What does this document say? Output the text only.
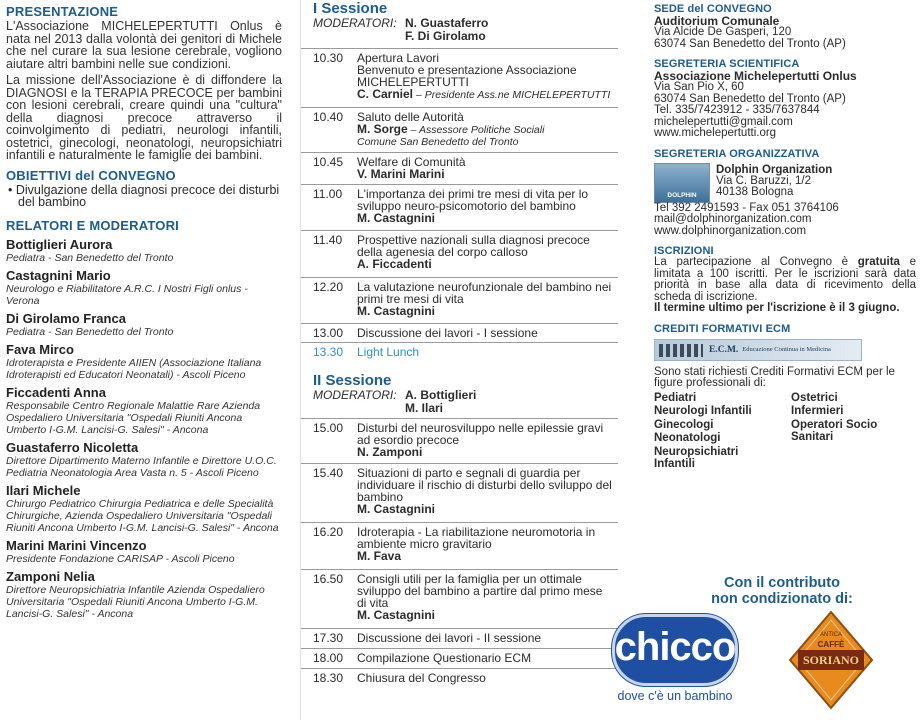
PRESENTAZIONE

L'Associazione MICHELEPERTUTTI Onlus è nata nel 2013 dalla volontà dei genitori di Michele che nel curare la sua lesione cerebrale, vogliono aiutare altri bambini nelle sue condizioni.

La missione dell'Associazione è di diffondere la DIAGNOSI e la TERAPIA PRECOCE per bambini con lesioni cerebrali, creare quindi una "cultura" della diagnosi precoce attraverso il coinvolgimento di pediatri, neurologi infantili, ostetrici, ginecologi, neonatologi, neuropsichiatri infantili e naturalmente le famiglie dei bambini.

OBIETTIVI del CONVEGNO
• Divulgazione della diagnosi precoce dei disturbi del bambino
RELATORI E MODERATORI
Bottiglieri Aurora
Pediatra - San Benedetto del Tronto
Castagnini Mario
Neurologo e Riabilitatore A.R.C. I Nostri Figli onlus - Verona
Di Girolamo Franca
Pediatra - San Benedetto del Tronto
Fava Mirco
Idroterapista e Presidente AIIEN (Associazione Italiana Idroterapisti ed Educatori Neonatali) - Ascoli Piceno
Ficcadenti Anna
Responsabile Centro Regionale Malattie Rare Azienda Ospedaliero Universitaria "Ospedali Riuniti Ancona Umberto I-G.M. Lancisi-G. Salesi" - Ancona
Guastaferro Nicoletta
Direttore Dipartimento Materno Infantile e Direttore U.O.C. Pediatria Neonatologia Area Vasta n. 5 - Ascoli Piceno
Ilari Michele
Chirurgo Pediatrico Chirurgia Pediatrica e delle Specialità Chirurgiche, Azienda Ospedaliero Universitaria "Ospedali Riuniti Ancona Umberto I-G.M. Lancisi-G. Salesi" - Ancona
Marini Marini Vincenzo
Presidente Fondazione CARISAP - Ascoli Piceno
Zamponi Nelia
Direttore Neuropsichiatria Infantile Azienda Ospedaliero Universitaria "Ospedali Riuniti Ancona Umberto I-G.M. Lancisi-G. Salesi" - Ancona
I Sessione
MODERATORI: N. Guastaferro
F. Di Girolamo
10.30	Apertura Lavori
Benvenuto e presentazione Associazione MICHELEPERTUTTI
C. Carniel – Presidente Ass.ne MICHELEPERTUTTI
10.40	Saluto delle Autorità
M. Sorge – Assessore Politiche Sociali
Comune San Benedetto del Tronto
10.45	Welfare di Comunità
V. Marini Marini
11.00	L'importanza dei primi tre mesi di vita per lo sviluppo neuro-psicomotorio del bambino
M. Castagnini
11.40	Prospettive nazionali sulla diagnosi precoce della agenesia del corpo calloso
A. Ficcadenti
12.20	La valutazione neurofunzionale del bambino nei primi tre mesi di vita
M. Castagnini
13.00	Discussione dei lavori - I sessione
13.30	Light Lunch
II Sessione
MODERATORI: A. Bottiglieri
M. Ilari
15.00	Disturbi del neurosviluppo nelle epilessie gravi ad esordio precoce
N. Zamponi
15.40	Situazioni di parto e segnali di guardia per individuare il rischio di disturbi dello sviluppo del bambino
M. Castagnini
16.20	Idroterapia - La riabilitazione neuromotoria in ambiente micro gravitario
M. Fava
16.50	Consigli utili per la famiglia per un ottimale sviluppo del bambino a partire dal primo mese di vita
M. Castagnini
17.30	Discussione dei lavori - II sessione
18.00	Compilazione Questionario ECM
18.30	Chiusura del Congresso
SEDE del CONVEGNO
Auditorium Comunale
Via Alcide De Gasperi, 120
63074 San Benedetto del Tronto (AP)
SEGRETERIA SCIENTIFICA
Associazione Michelepertutti Onlus
Via San Pio X, 60
63074 San Benedetto del Tronto (AP)
Tel. 335/7423912 - 335/7637844
michelepertutti@gmail.com
www.michelepertutti.org
SEGRETERIA ORGANIZZATIVA
DOLPHIN
Dolphin Organization
Via C. Baruzzi, 1/2
40138 Bologna
Tel 392 2491593 - Fax 051 3764106
mail@dolphinorganization.com
www.dolphinorganization.com
ISCRIZIONI
La partecipazione al Convegno è gratuita e limitata a 100 iscritti. Per le iscrizioni sarà data priorità in base alla data di ricevimento della scheda di iscrizione.
Il termine ultimo per l'iscrizione è il 3 giugno.
CREDITI FORMATIVI ECM
E.C.M. Educazione Continua in Medicina
Sono stati richiesti Crediti Formativi ECM per le figure professionali di:
Pediatri
Neurologi Infantili
Ginecologi
Neonatologi
Neuropsichiatri Infantili
Ostetrici
Infermieri
Operatori Socio Sanitari
Con il contributo
non condizionato di:
chicco
dove c'è un bambino
ANTICA
CAFFÈ
SORIANO
